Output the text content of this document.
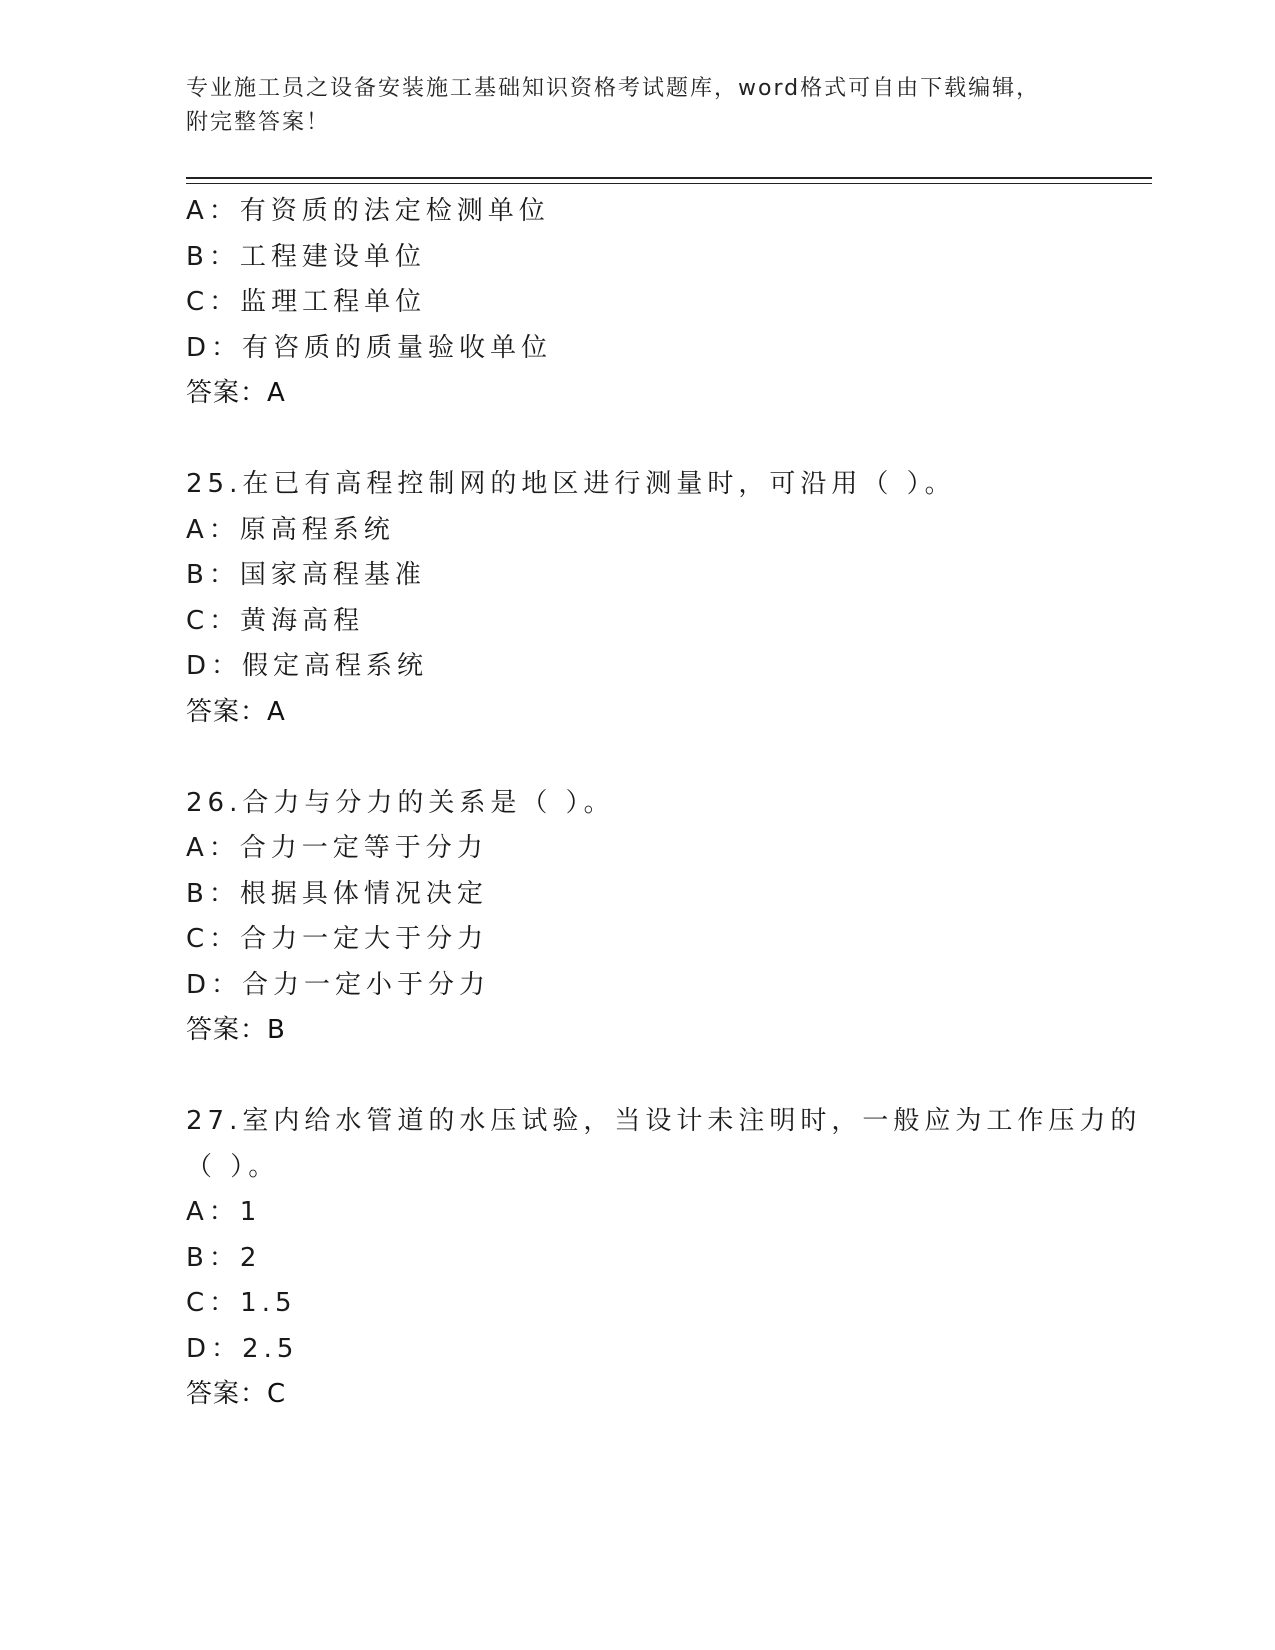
专业施工员之设备安装施工基础知识资格考试题库，word格式可自由下载编辑，
附完整答案！
A：有资质的法定检测单位
B：工程建设单位
C：监理工程单位
D：有咨质的质量验收单位
答案：A
25.在已有高程控制网的地区进行测量时，可沿用（ ）。
A：原高程系统
B：国家高程基准
C：黄海高程
D：假定高程系统
答案：A
26.合力与分力的关系是（ ）。
A：合力一定等于分力
B：根据具体情况决定
C：合力一定大于分力
D：合力一定小于分力
答案：B
27.室内给水管道的水压试验，当设计未注明时，一般应为工作压力的
（ ）。
A：1
B：2
C：1.5
D：2.5
答案：C
